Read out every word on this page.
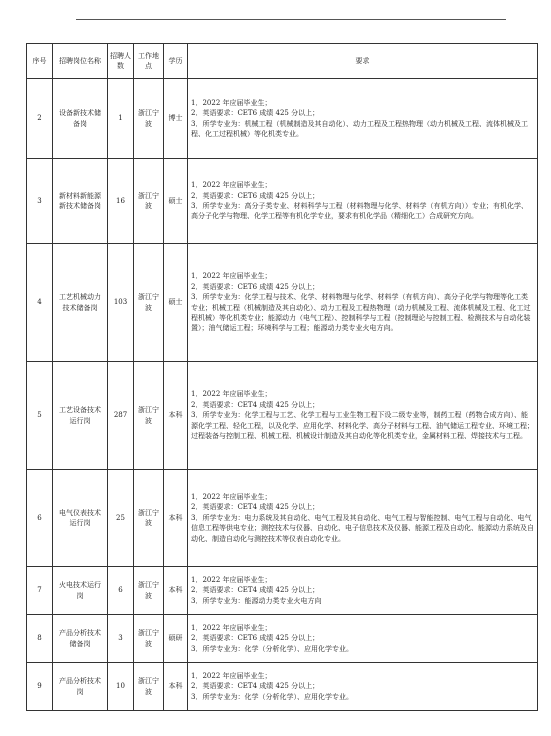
序号	招聘岗位名称	招聘人数	工作地点	学历	要求
2	设备新技术储备岗	1	浙江宁波	博士	1．2022 年应届毕业生；
2．英语要求：CET6 成绩 425 分以上；
3．所学专业为：机械工程（机械制造及其自动化）、动力工程及工程热物理（动力机械及工程、流体机械及工程、化工过程机械）等化机类专业。

3	新材料新能源新技术储备岗	16	浙江宁波	硕士	1．2022 年应届毕业生；
2．英语要求：CET6 成绩 425 分以上；
3．所学专业为：高分子类专业、材料科学与工程（材料物理与化学、材料学（有机方向））专业；有机化学、高分子化学与物理、化学工程等有机化学专业，要求有机化学品（精细化工）合成研究方向。

4	工艺机械动力技术储备岗	103	浙江宁波	硕士	1．2022 年应届毕业生；
2．英语要求：CET6 成绩 425 分以上；
3．所学专业为：化学工程与技术、化学、材料物理与化学、材料学（有机方向）、高分子化学与物理等化工类专业；机械工程（机械制造及其自动化）、动力工程及工程热物理（动力机械及工程、流体机械及工程、化工过程机械）等化机类专业；能源动力（电气工程）、控制科学与工程（控制理论与控制工程、检测技术与自动化装置）；油气储运工程；环境科学与工程；能源动力类专业火电方向。

5	工艺设备技术运行岗	287	浙江宁波	本科	1．2022 年应届毕业生；
2．英语要求：CET4 成绩 425 分以上；
3．所学专业为：化学工程与工艺、化学工程与工业生物工程下设二级专业等，制药工程（药物合成方向）、能源化学工程、轻化工程，以及化学、应用化学、材料化学、高分子材料与工程、油气储运工程专业、环境工程；过程装备与控制工程、机械工程、机械设计制造及其自动化等化机类专业，金属材料工程、焊接技术与工程。

6	电气仪表技术运行岗	25	浙江宁波	本科	1．2022 年应届毕业生；
2．英语要求：CET4 成绩 425 分以上；
3．所学专业为：电力系统及其自动化、电气工程及其自动化、电气工程与智能控制、电气工程与自动化、电气信息工程等供电专业；测控技术与仪器、自动化、电子信息技术及仪器、能源工程及自动化、能源动力系统及自动化、制造自动化与测控技术等仪表自动化专业。

7	火电技术运行岗	6	浙江宁波	本科	1．2022 年应届毕业生；
2．英语要求：CET4 成绩 425 分以上；
3．所学专业为：能源动力类专业火电方向

8	产品分析技术储备岗	3	浙江宁波	硕研	1．2022 年应届毕业生；
2．英语要求：CET6 成绩 425 分以上；
3．所学专业为：化学（分析化学）、应用化学专业。

9	产品分析技术岗	10	浙江宁波	本科	1．2022 年应届毕业生；
2．英语要求：CET4 成绩 425 分以上；
3．所学专业为：化学（分析化学）、应用化学专业。
